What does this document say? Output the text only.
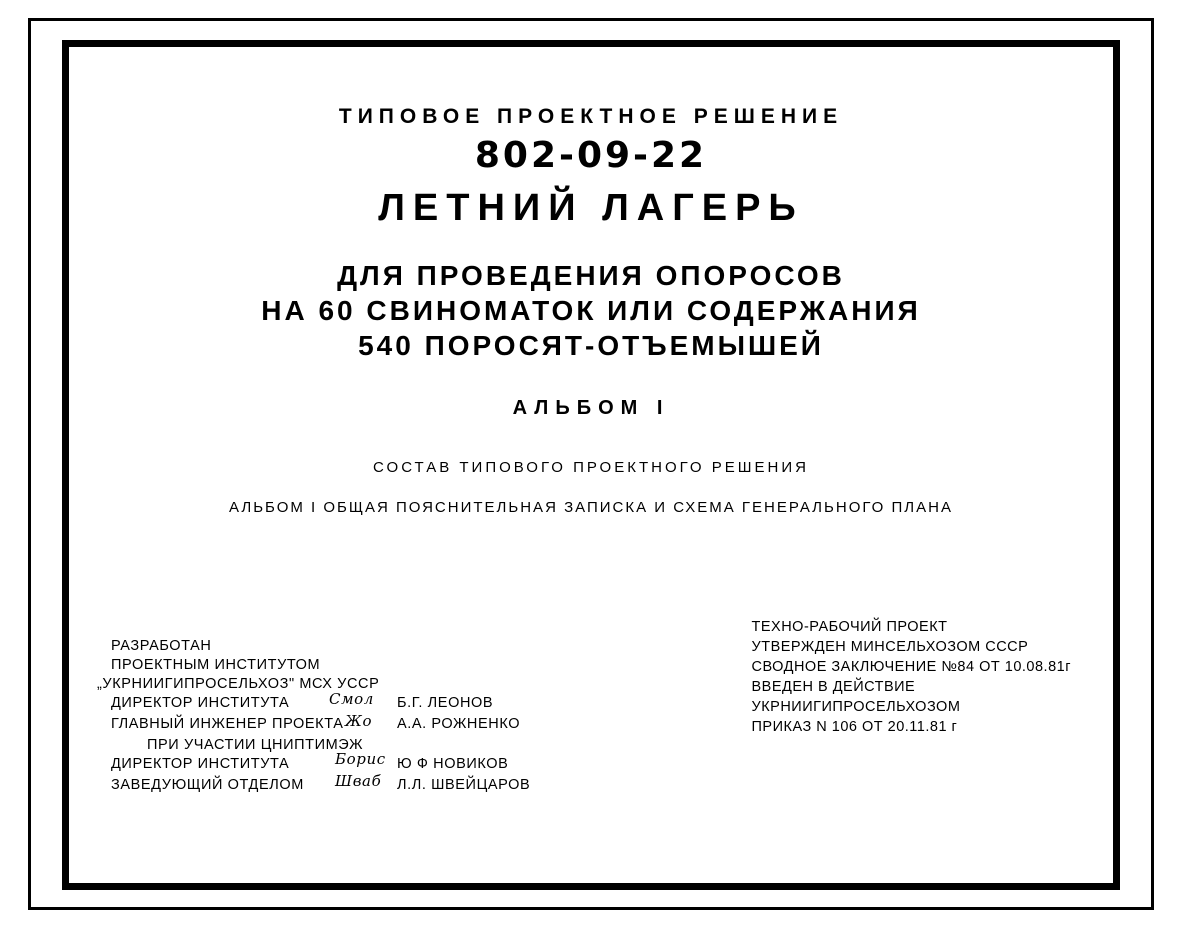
ТИПОВОЕ ПРОЕКТНОЕ РЕШЕНИЕ
802-09-22
ЛЕТНИЙ ЛАГЕРЬ
ДЛЯ ПРОВЕДЕНИЯ ОПОРОСОВ
НА 60 СВИНОМАТОК ИЛИ СОДЕРЖАНИЯ
540 ПОРОСЯТ-ОТЪЕМЫШЕЙ
АЛЬБОМ I
СОСТАВ ТИПОВОГО ПРОЕКТНОГО РЕШЕНИЯ
АЛЬБОМ I ОБЩАЯ ПОЯСНИТЕЛЬНАЯ ЗАПИСКА И СХЕМА ГЕНЕРАЛЬНОГО ПЛАНА
РАЗРАБОТАН
ПРОЕКТНЫМ ИНСТИТУТОМ
„УКРНИИГИПРОСЕЛЬХОЗ" МСХ УССР
ДИРЕКТОР ИНСТИТУТА	Смол Б.Г. ЛЕОНОВ
ГЛАВНЫЙ ИНЖЕНЕР ПРОЕКТА Жо А.А. РОЖНЕНКО
ПРИ УЧАСТИИ ЦНИПТИМЭЖ
ДИРЕКТОР ИНСТИТУТА	Борис Ю Ф НОВИКОВ
ЗАВЕДУЮЩИЙ ОТДЕЛОМ Шваб Л.Л. ШВЕЙЦАРОВ
ТЕХНО-РАБОЧИЙ ПРОЕКТ
УТВЕРЖДЕН МИНСЕЛЬХОЗОМ СССР
СВОДНОЕ ЗАКЛЮЧЕНИЕ №84 ОТ 10.08.81г
ВВЕДЕН В ДЕЙСТВИЕ
УКРНИИГИПРОСЕЛЬХОЗОМ
ПРИКАЗ N 106 ОТ 20.11.81 г
